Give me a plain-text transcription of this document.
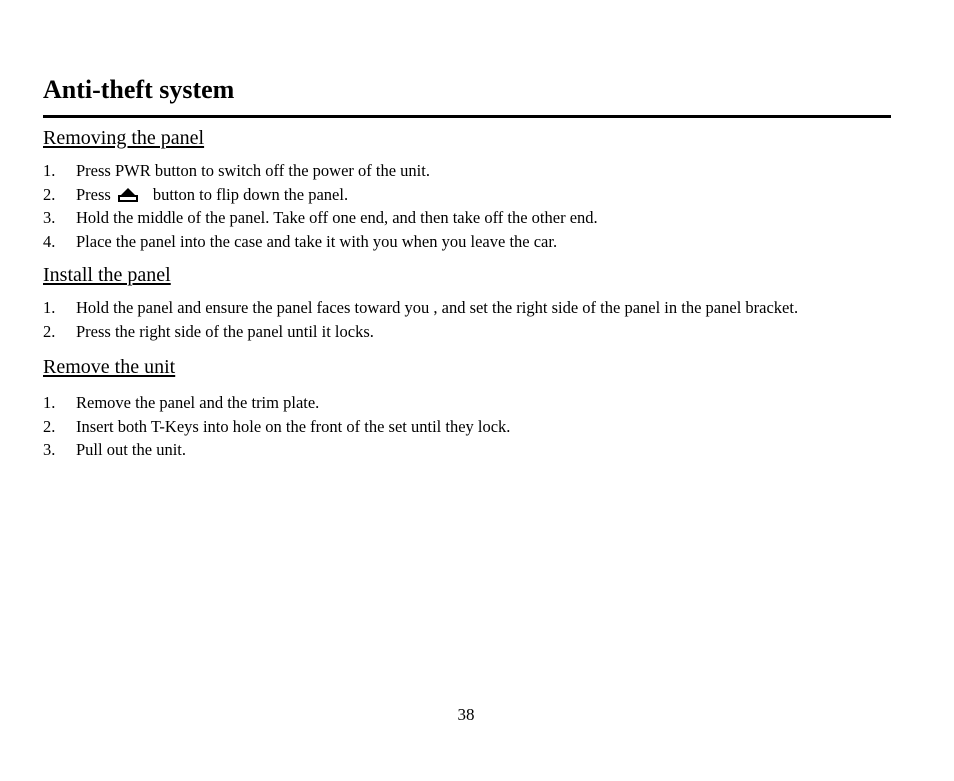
Anti-theft system
Removing the panel
1. Press PWR button to switch off the power of the unit.
2. Press	button to flip down the panel.
3. Hold the middle of the panel. Take off one end, and then take off the other end.
4. Place the panel into the case and take it with you when you leave the car.
Install the panel
1. Hold the panel and ensure the panel faces toward you , and set the right side of the panel in the panel bracket.
2. Press the right side of the panel until it locks.
Remove the unit
1. Remove the panel and the trim plate.
2. Insert both T-Keys into hole on the front of the set until they lock.
3. Pull out the unit.
38
